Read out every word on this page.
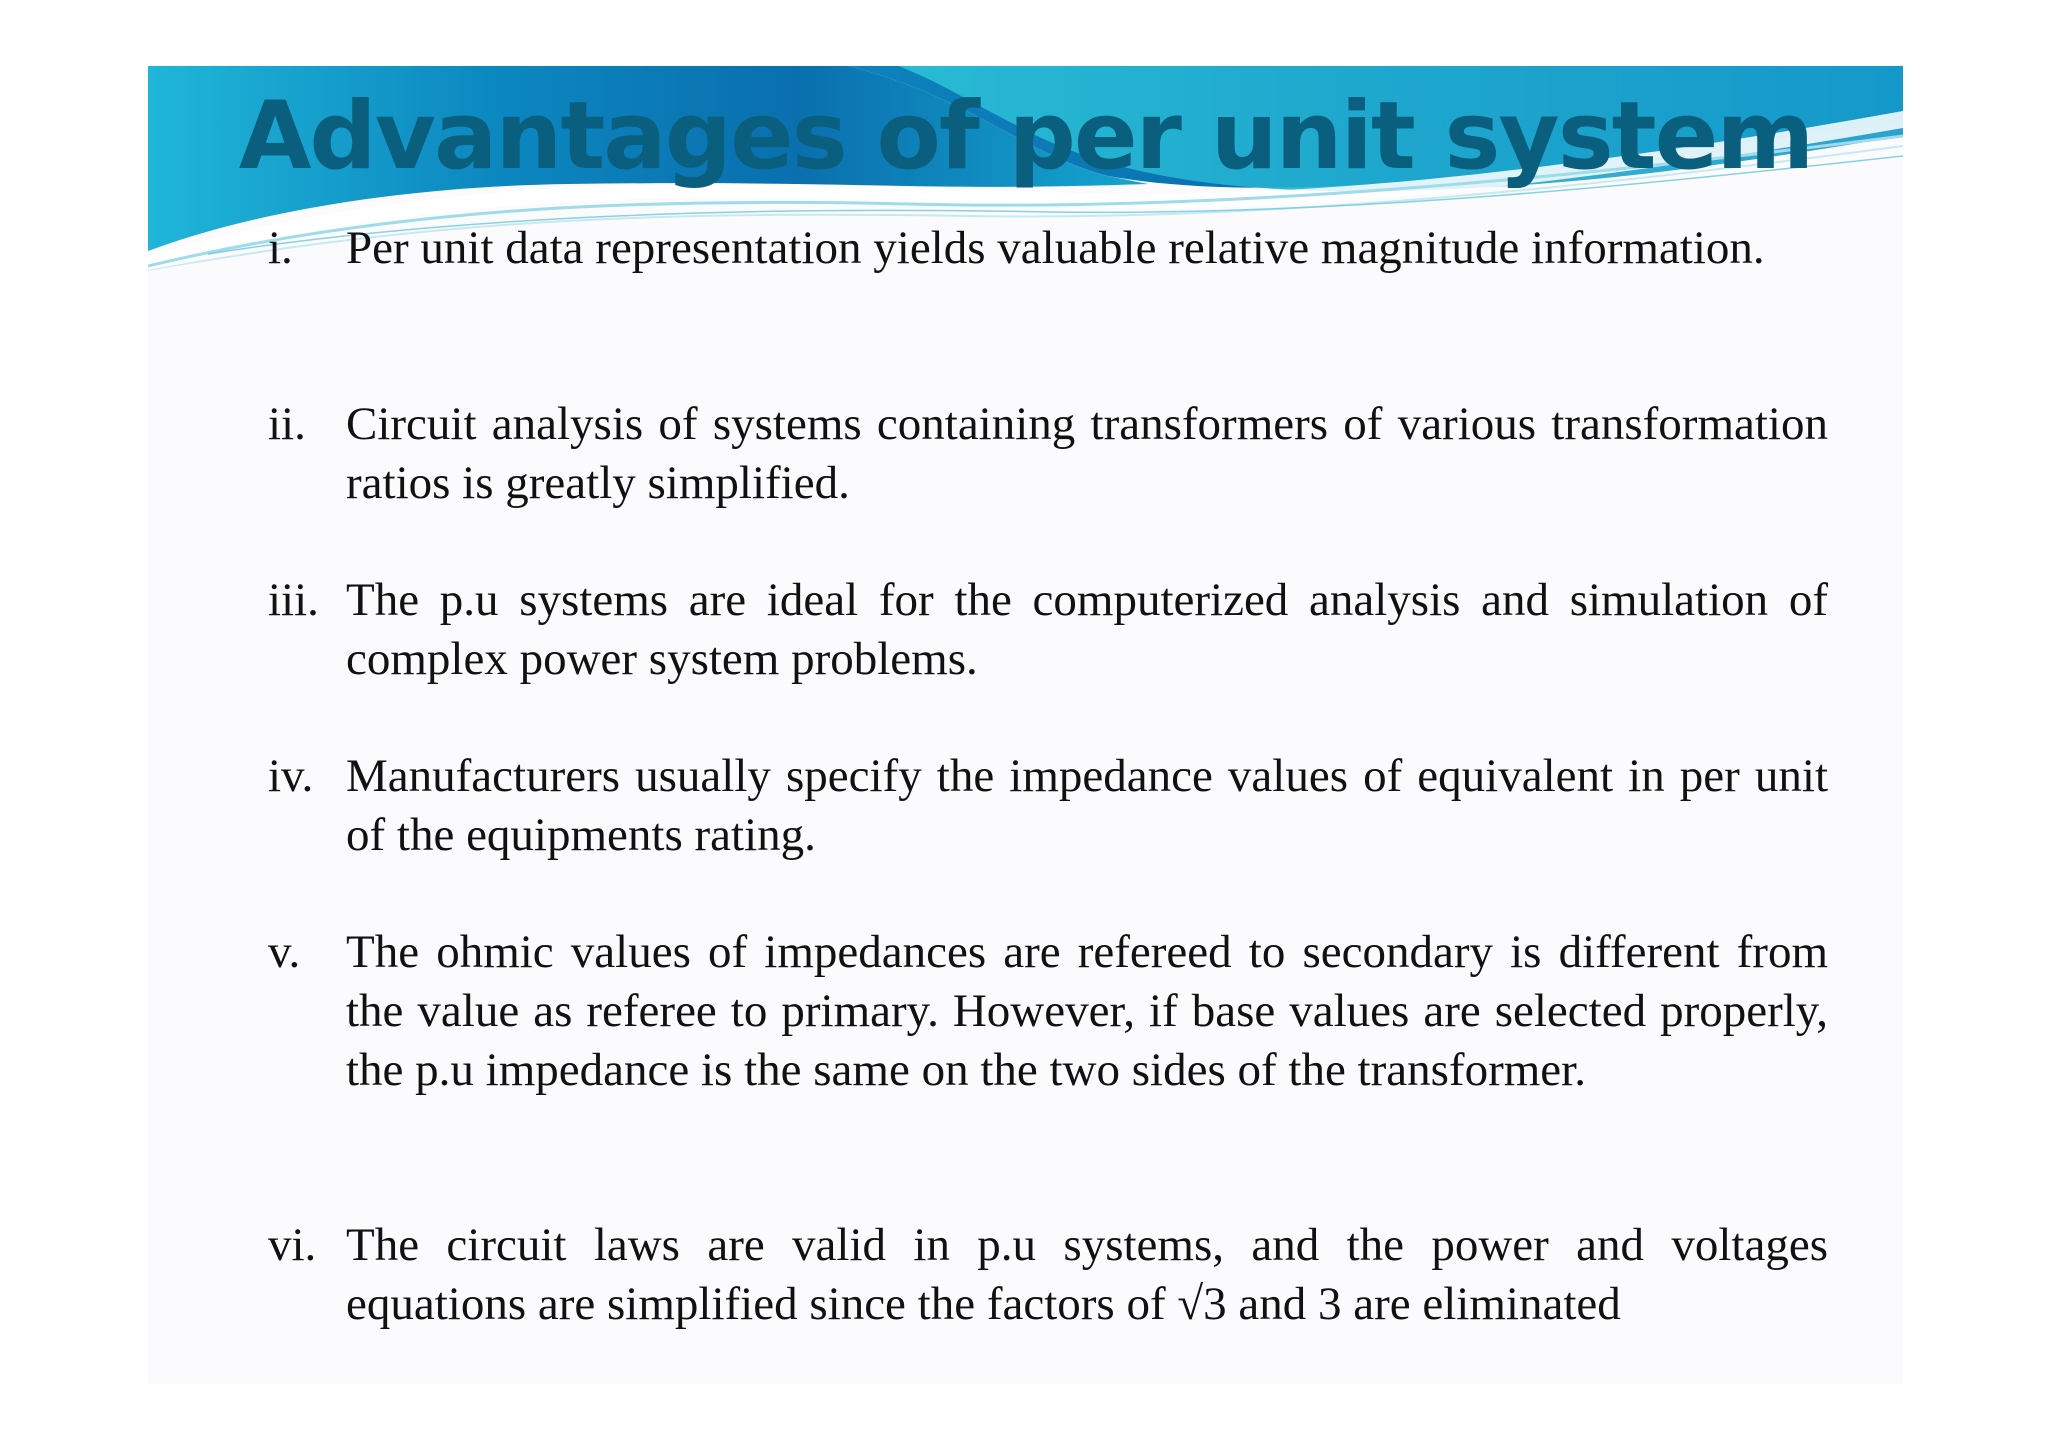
Advantages of per unit system
i.	Per unit data representation yields valuable relative magnitude information.
ii. Circuit analysis of systems containing transformers of various transformation ratios is greatly simplified.
iii. The p.u systems are ideal for the computerized analysis and simulation of complex power system problems.
iv. Manufacturers usually specify the impedance values of equivalent in per unit of the equipments rating.
v. The ohmic values of impedances are refereed to secondary is different from the value as referee to primary. However, if base values are selected properly, the p.u impedance is the same on the two sides of the transformer.
vi. The circuit laws are valid in p.u systems, and the power and voltages equations are simplified since the factors of √3 and 3 are eliminated
